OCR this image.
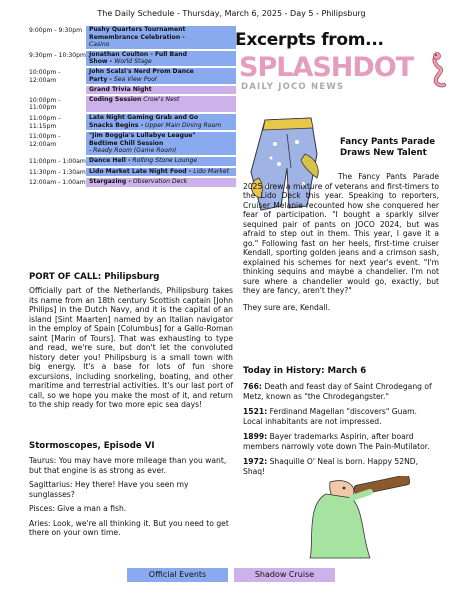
The Daily Schedule - Thursday, March 6, 2025 - Day 5 - Philipsburg
9:00pm - 9:30pm	Pushy Quarters Tournament
Remembrance Celebration -
Casino
9:30pm - 10:30pm Jonathan Coulton - Full Band
Show - World Stage
10:00pm - 12:00am
John Scalzi's Nerd Prom Dance
Party - Sea View Pool
Grand Trivia Night
10:00pm - 11:00pm
Coding Session Crow's Nest
11:00pm - 11:15pm
Late Night Gaming Grab and Go
Snacks Begins - Upper Main Dining Room
11:00pm - 12:00am
"Jim Boggia's Lullabye League"
Bedtime Chill Session
- Ready Room (Game Room)
11:00pm - 1:00am Dance Hell - Rolling Stone Lounge
11:30pm - 1:30am Lido Market Late Night Food - Lido Market
12:00am - 1:00am Stargazing - Observation Deck
Excerpts from...
SPLASHDOT
DAILY JOCO NEWS
PORT OF CALL: Philipsburg

Officially part of the Netherlands, Philipsburg takes its name from an 18th century Scottish captain [John Philips] in the Dutch Navy, and it is the capital of an island [Sint Maarten] named by an Italian navigator in the employ of Spain [Columbus] for a Gallo-Roman saint [Marin of Tours]. That was exhausting to type and read, we're sure, but don't let the convoluted history deter you! Philipsburg is a small town with big energy. It's a base for lots of fun shore excursions, including snorkeling, boating, and other maritime and terrestrial activities. It's our last port of call, so we hope you make the most of it, and return to the ship ready for two more epic sea days!

Stormoscopes, Episode VI

Taurus: You may have more mileage than you want, but that engine is as strong as ever.

Sagittarius: Hey there! Have you seen my sunglasses?

Pisces: Give a man a fish.

Aries: Look, we're all thinking it. But you need to get there on your own time.

Fancy Pants Parade
Draws New Talent

The Fancy Pants Parade 2025 drew a mixture of veterans and first-timers to the Lido Deck this year. Speaking to reporters, Cruiser Melanie recounted how she conquered her fear of participation. "I bought a sparkly silver sequined pair of pants on JOCO 2024, but was afraid to step out in them. This year, I gave it a go." Following fast on her heels, first-time cruiser Kendall, sporting golden jeans and a crimson sash, explained his schemes for next year's event. "I'm thinking sequins and maybe a chandelier. I'm not sure where a chandelier would go, exactly, but they are fancy, aren't they?"

They sure are, Kendall.

Today in History: March 6

766: Death and feast day of Saint Chrodegang of Metz, known as "the Chrodegangster."

1521: Ferdinand Magellan "discovers" Guam. Local inhabitants are not impressed.

1899: Bayer trademarks Aspirin, after board members narrowly vote down The Pain-Mutilator.

1972: Shaquille O' Neal is born. Happy 52ND, Shaq!

Official Events	Shadow Cruise
